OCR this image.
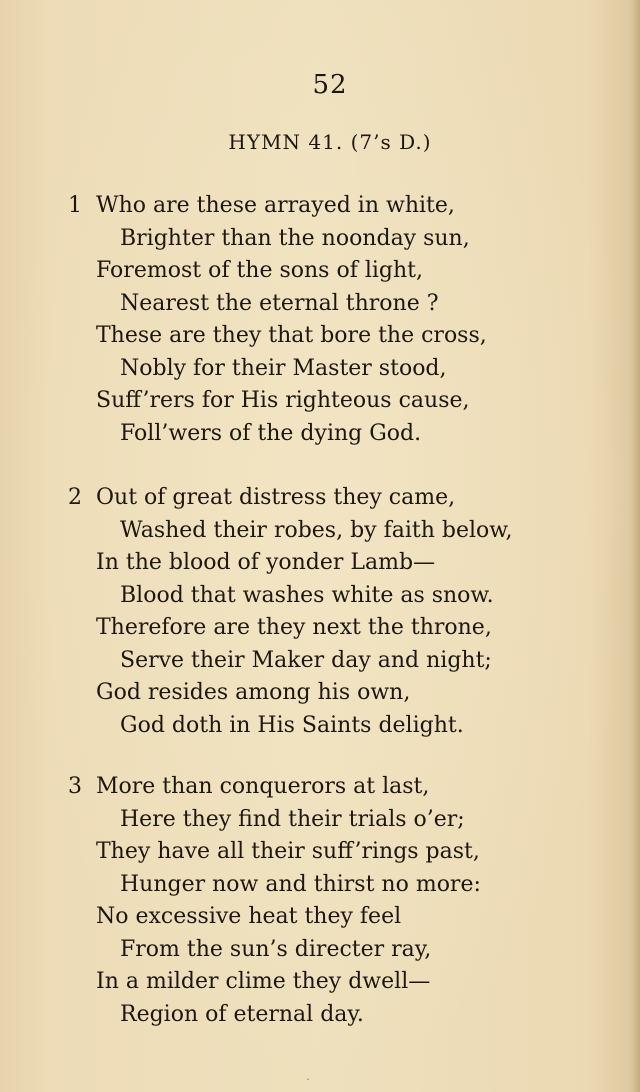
52
HYMN 41. (7’s D.)
1 Who are these arrayed in white,
Brighter than the noonday sun,
Foremost of the sons of light,
Nearest the eternal throne ?
These are they that bore the cross,
Nobly for their Master stood,
Suff’rers for His righteous cause,
Foll’wers of the dying God.
2 Out of great distress they came,
Washed their robes, by faith below,
In the blood of yonder Lamb—
Blood that washes white as snow.
Therefore are they next the throne,
Serve their Maker day and night;
God resides among his own,
God doth in His Saints delight.
3 More than conquerors at last,
Here they find their trials o’er;
They have all their suff’rings past,
Hunger now and thirst no more:
No excessive heat they feel
From the sun’s directer ray,
In a milder clime they dwell—
Region of eternal day.
ˇ
